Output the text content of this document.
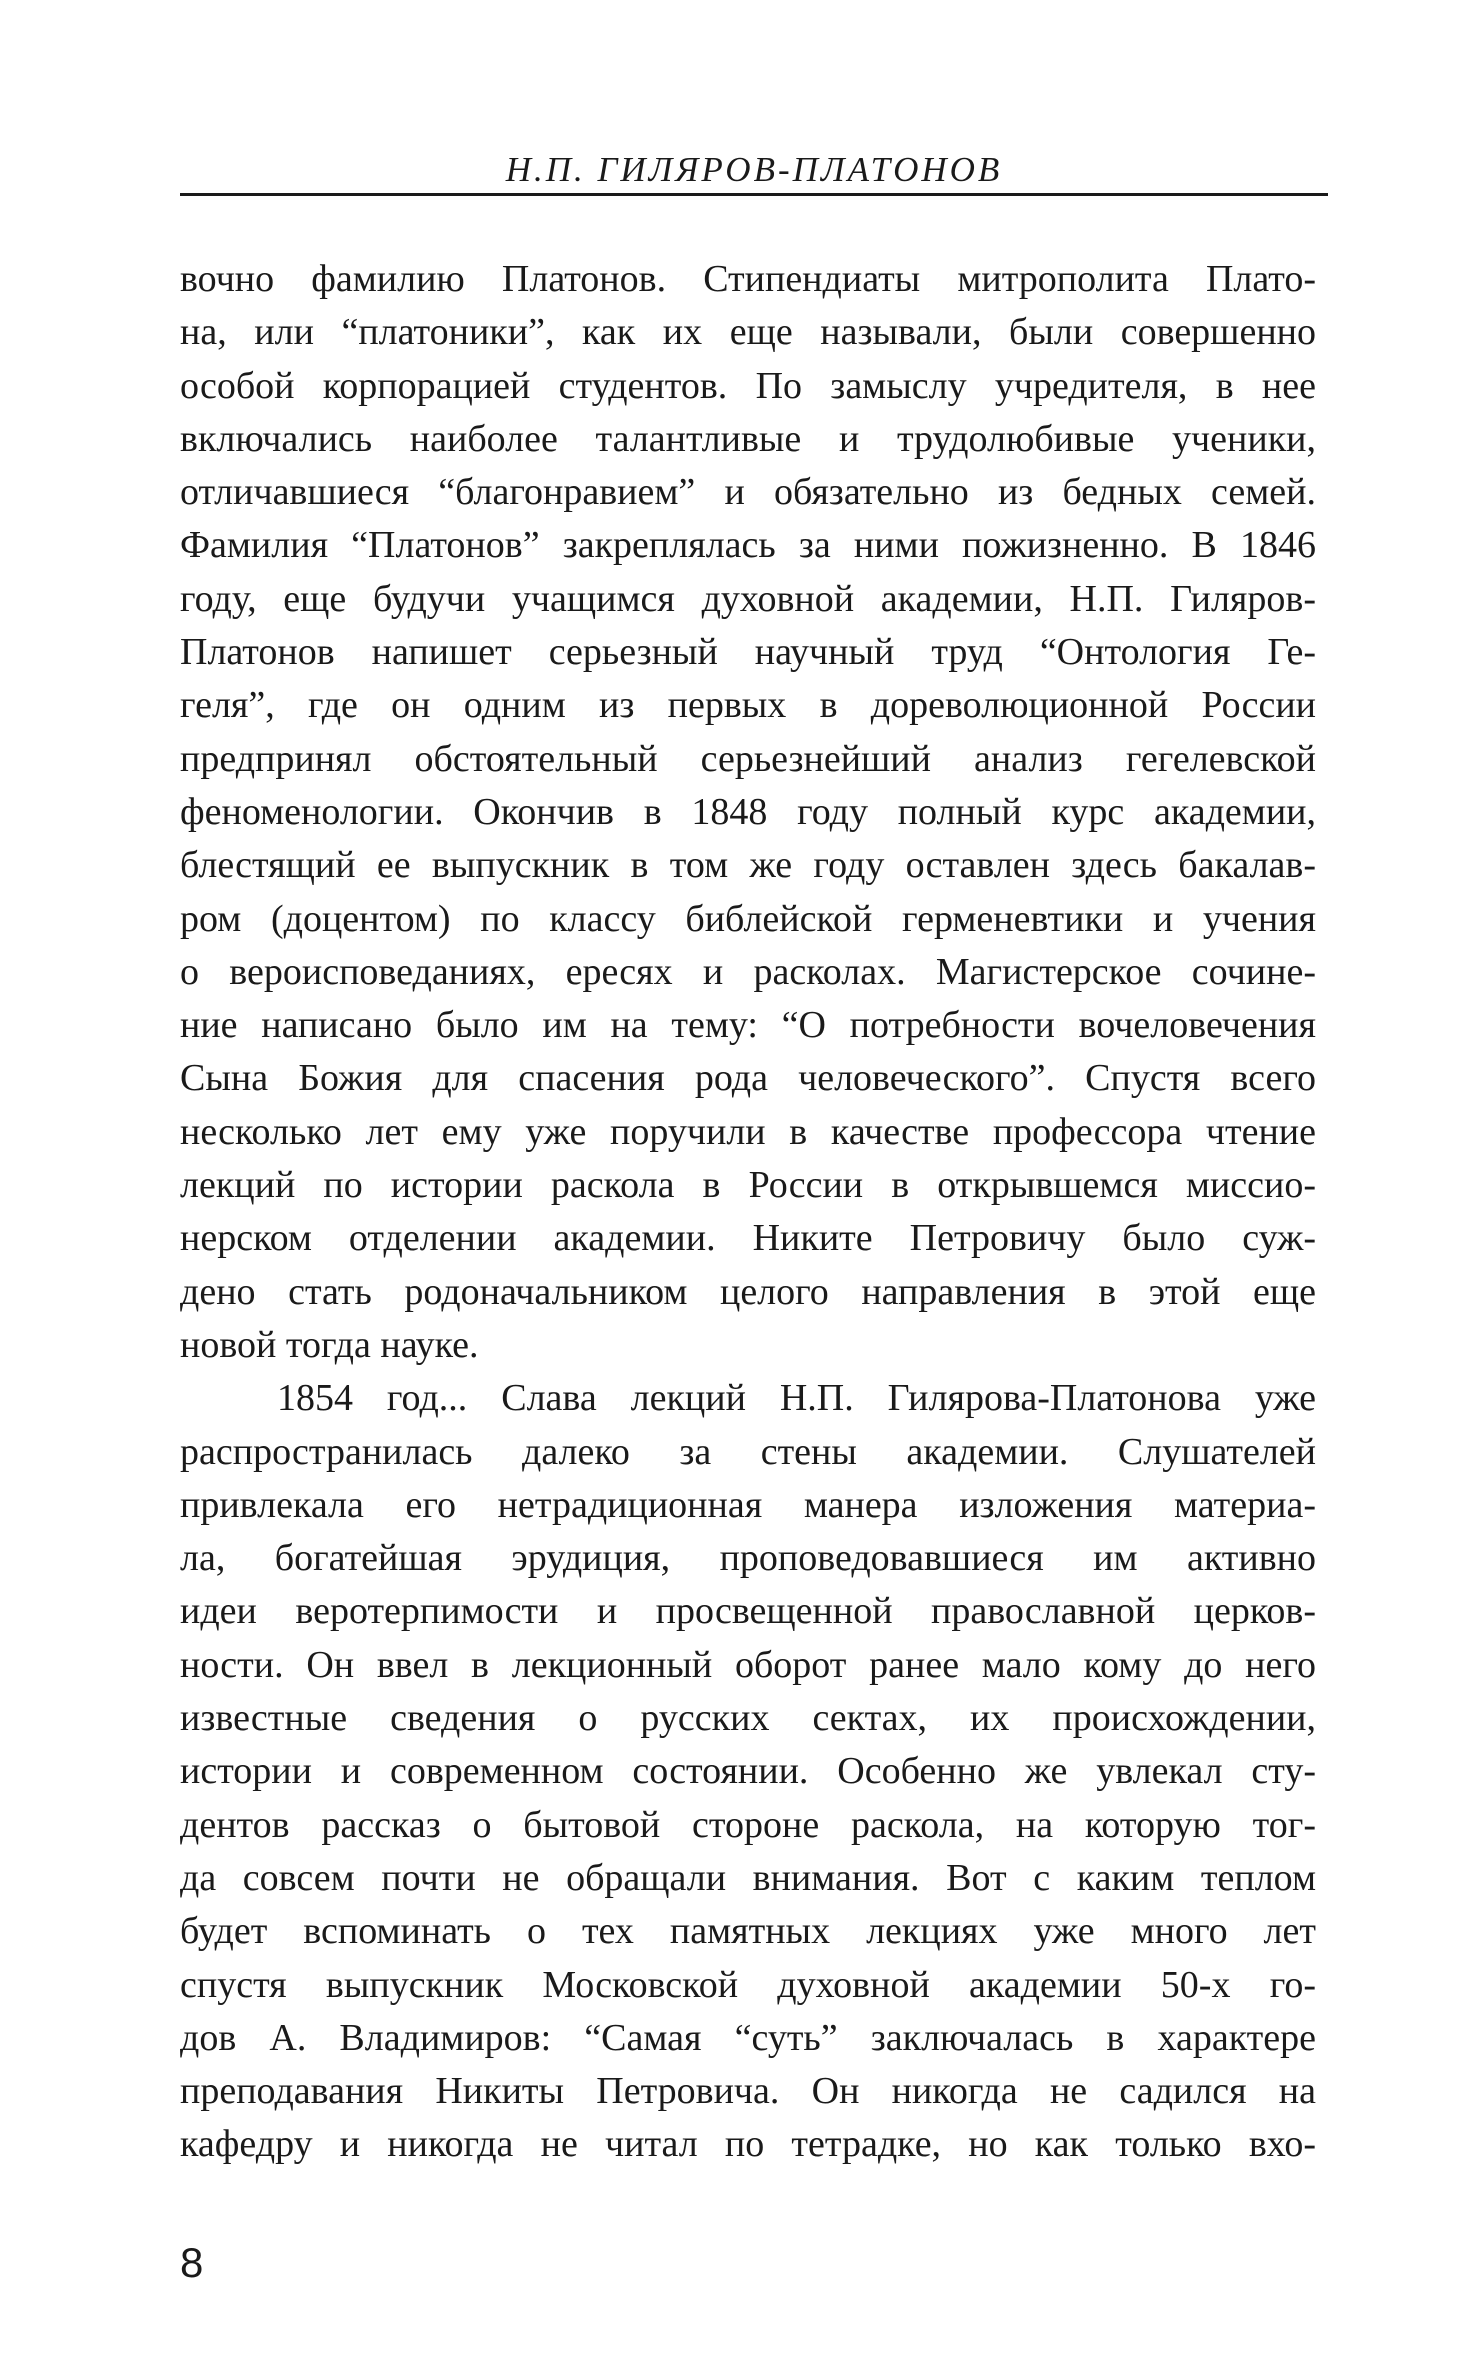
Н.П. ГИЛЯРОВ-ПЛАТОНОВ
вочно фамилию Платонов. Стипендиаты митрополита Плато-
на, или “платоники”, как их еще называли, были совершенно
особой корпорацией студентов. По замыслу учредителя, в нее
включались наиболее талантливые и трудолюбивые ученики,
отличавшиеся “благонравием” и обязательно из бедных семей.
Фамилия “Платонов” закреплялась за ними пожизненно. В 1846
году, еще будучи учащимся духовной академии, Н.П. Гиляров-
Платонов напишет серьезный научный труд “Онтология Ге-
геля”, где он одним из первых в дореволюционной России
предпринял обстоятельный серьезнейший анализ гегелевской
феноменологии. Окончив в 1848 году полный курс академии,
блестящий ее выпускник в том же году оставлен здесь бакалав-
ром (доцентом) по классу библейской герменевтики и учения
о вероисповеданиях, ересях и расколах. Магистерское сочине-
ние написано было им на тему: “О потребности вочеловечения
Сына Божия для спасения рода человеческого”. Спустя всего
несколько лет ему уже поручили в качестве профессора чтение
лекций по истории раскола в России в открывшемся миссио-
нерском отделении академии. Никите Петровичу было суж-
дено стать родоначальником целого направления в этой еще
новой тогда науке.
1854 год... Слава лекций Н.П. Гилярова-Платонова уже
распространилась далеко за стены академии. Слушателей
привлекала его нетрадиционная манера изложения материа-
ла, богатейшая эрудиция, проповедовавшиеся им активно
идеи веротерпимости и просвещенной православной церков-
ности. Он ввел в лекционный оборот ранее мало кому до него
известные сведения о русских сектах, их происхождении,
истории и современном состоянии. Особенно же увлекал сту-
дентов рассказ о бытовой стороне раскола, на которую тог-
да совсем почти не обращали внимания. Вот с каким теплом
будет вспоминать о тех памятных лекциях уже много лет
спустя выпускник Московской духовной академии 50-х го-
дов А. Владимиров: “Самая “суть” заключалась в характере
преподавания Никиты Петровича. Он никогда не садился на
кафедру и никогда не читал по тетрадке, но как только вхо-
8
